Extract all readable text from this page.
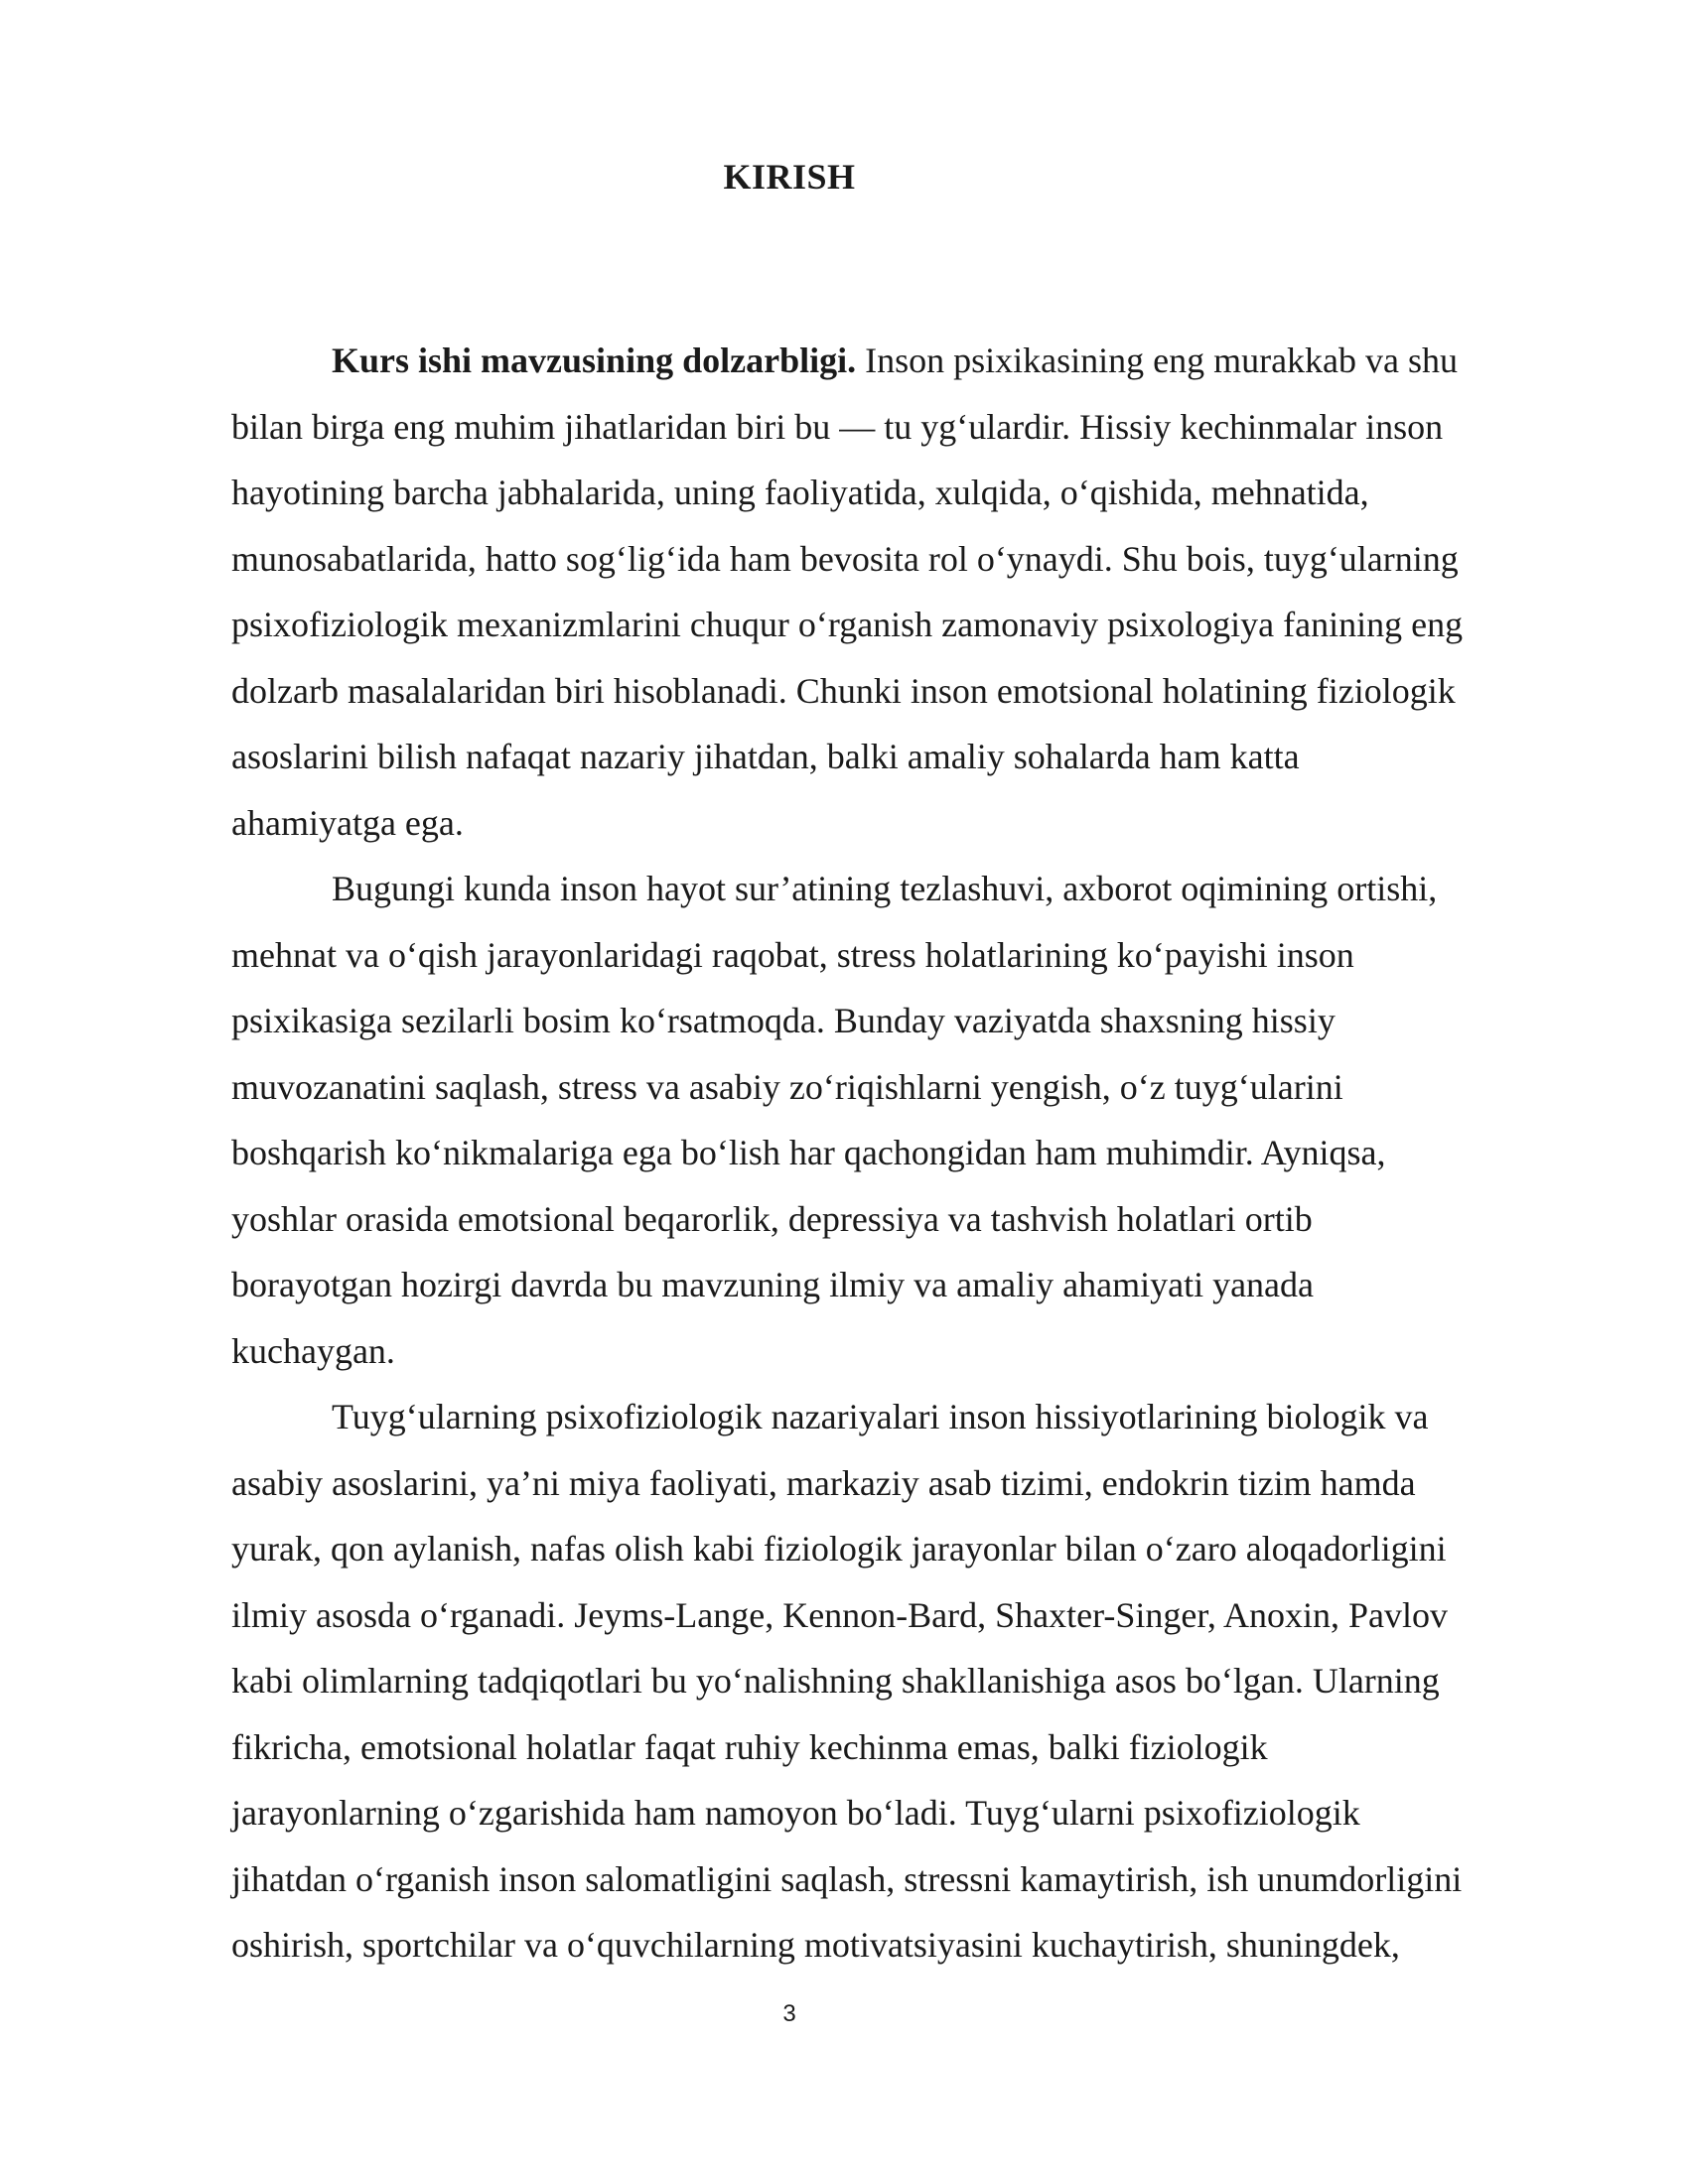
KIRISH
Kurs ishi mavzusining dolzarbligi. Inson psixikasining eng murakkab va shu
bilan birga eng muhim jihatlaridan biri bu — tu yg‘ulardir. Hissiy kechinmalar inson
hayotining barcha jabhalarida, uning faoliyatida, xulqida, o‘qishida, mehnatida,
munosabatlarida, hatto sog‘lig‘ida ham bevosita rol o‘ynaydi. Shu bois, tuyg‘ularning
psixofiziologik mexanizmlarini chuqur o‘rganish zamonaviy psixologiya fanining eng
dolzarb masalalaridan biri hisoblanadi. Chunki inson emotsional holatining fiziologik
asoslarini bilish nafaqat nazariy jihatdan, balki amaliy sohalarda ham katta
ahamiyatga ega.
Bugungi kunda inson hayot sur’atining tezlashuvi, axborot oqimining ortishi,
mehnat va o‘qish jarayonlaridagi raqobat, stress holatlarining ko‘payishi inson
psixikasiga sezilarli bosim ko‘rsatmoqda. Bunday vaziyatda shaxsning hissiy
muvozanatini saqlash, stress va asabiy zo‘riqishlarni yengish, o‘z tuyg‘ularini
boshqarish ko‘nikmalariga ega bo‘lish har qachongidan ham muhimdir. Ayniqsa,
yoshlar orasida emotsional beqarorlik, depressiya va tashvish holatlari ortib
borayotgan hozirgi davrda bu mavzuning ilmiy va amaliy ahamiyati yanada
kuchaygan.
Tuyg‘ularning psixofiziologik nazariyalari inson hissiyotlarining biologik va
asabiy asoslarini, ya’ni miya faoliyati, markaziy asab tizimi, endokrin tizim hamda
yurak, qon aylanish, nafas olish kabi fiziologik jarayonlar bilan o‘zaro aloqadorligini
ilmiy asosda o‘rganadi. Jeyms-Lange, Kennon-Bard, Shaxter-Singer, Anoxin, Pavlov
kabi olimlarning tadqiqotlari bu yo‘nalishning shakllanishiga asos bo‘lgan. Ularning
fikricha, emotsional holatlar faqat ruhiy kechinma emas, balki fiziologik
jarayonlarning o‘zgarishida ham namoyon bo‘ladi. Tuyg‘ularni psixofiziologik
jihatdan o‘rganish inson salomatligini saqlash, stressni kamaytirish, ish unumdorligini
oshirish, sportchilar va o‘quvchilarning motivatsiyasini kuchaytirish, shuningdek,
3
